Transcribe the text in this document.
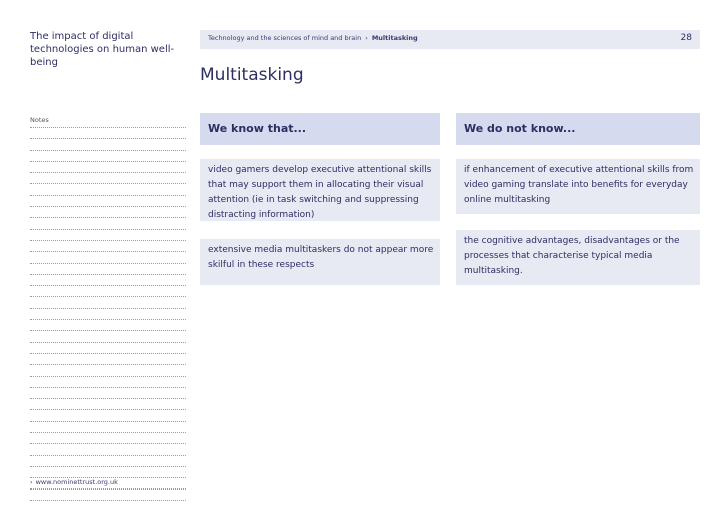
The impact of digital technologies on human well-being
Technology and the sciences of mind and brain › Multitasking	28
Multitasking
Notes
› www.nominettrust.org.uk
We know that...	We do not know...
video gamers develop executive attentional skills that may support them in allocating their visual attention (ie in task switching and suppressing distracting information)
extensive media multitaskers do not appear more skilful in these respects
if enhancement of executive attentional skills from video gaming translate into benefits for everyday online multitasking
the cognitive advantages, disadvantages or the processes that characterise typical media multitasking.
